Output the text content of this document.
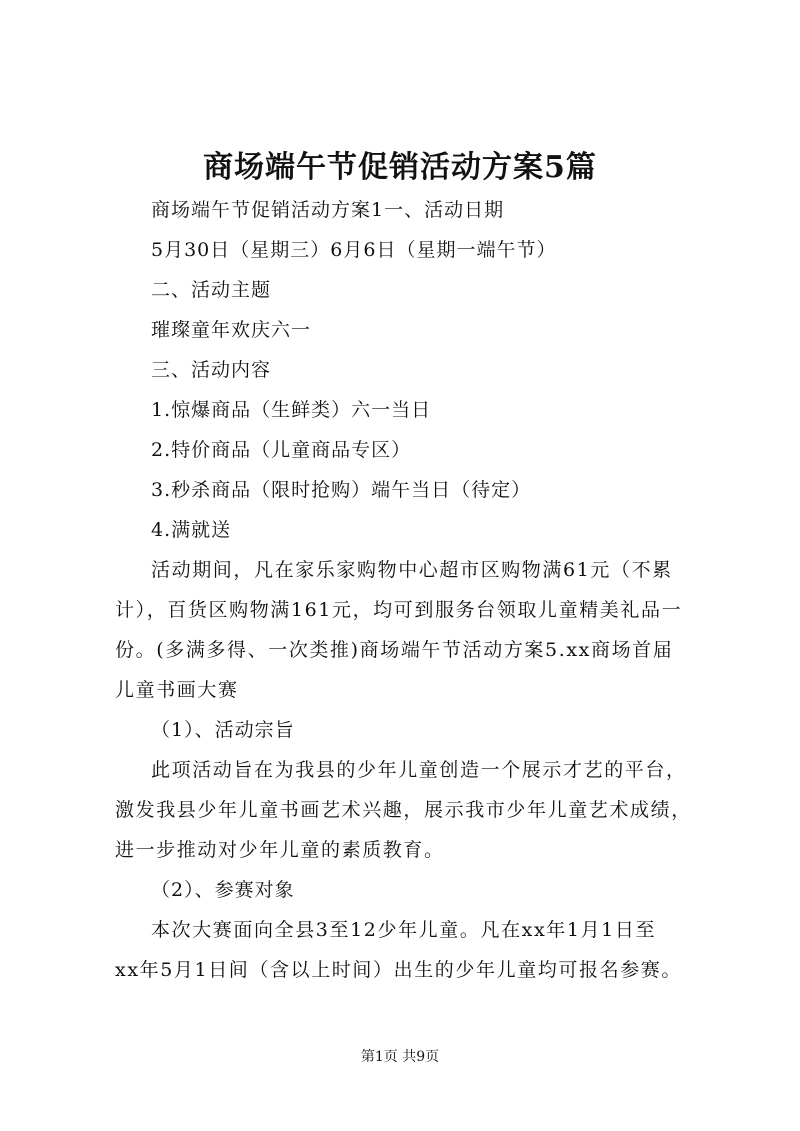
商场端午节促销活动方案5篇

商场端午节促销活动方案1一、活动日期

5月30日（星期三）6月6日（星期一端午节）

二、活动主题

璀璨童年欢庆六一

三、活动内容

1.惊爆商品（生鲜类）六一当日

2.特价商品（儿童商品专区）

3.秒杀商品（限时抢购）端午当日（待定）

4.满就送

活动期间，凡在家乐家购物中心超市区购物满61元（不累

计），百货区购物满161元，均可到服务台领取儿童精美礼品一

份。(多满多得、一次类推)商场端午节活动方案5.xx商场首届

儿童书画大赛

（1）、活动宗旨

此项活动旨在为我县的少年儿童创造一个展示才艺的平台，

激发我县少年儿童书画艺术兴趣，展示我市少年儿童艺术成绩，

进一步推动对少年儿童的素质教育。

（2）、参赛对象

本次大赛面向全县3至12少年儿童。凡在xx年1月1日至

xx年5月1日间（含以上时间）出生的少年儿童均可报名参赛。

第1页 共9页
